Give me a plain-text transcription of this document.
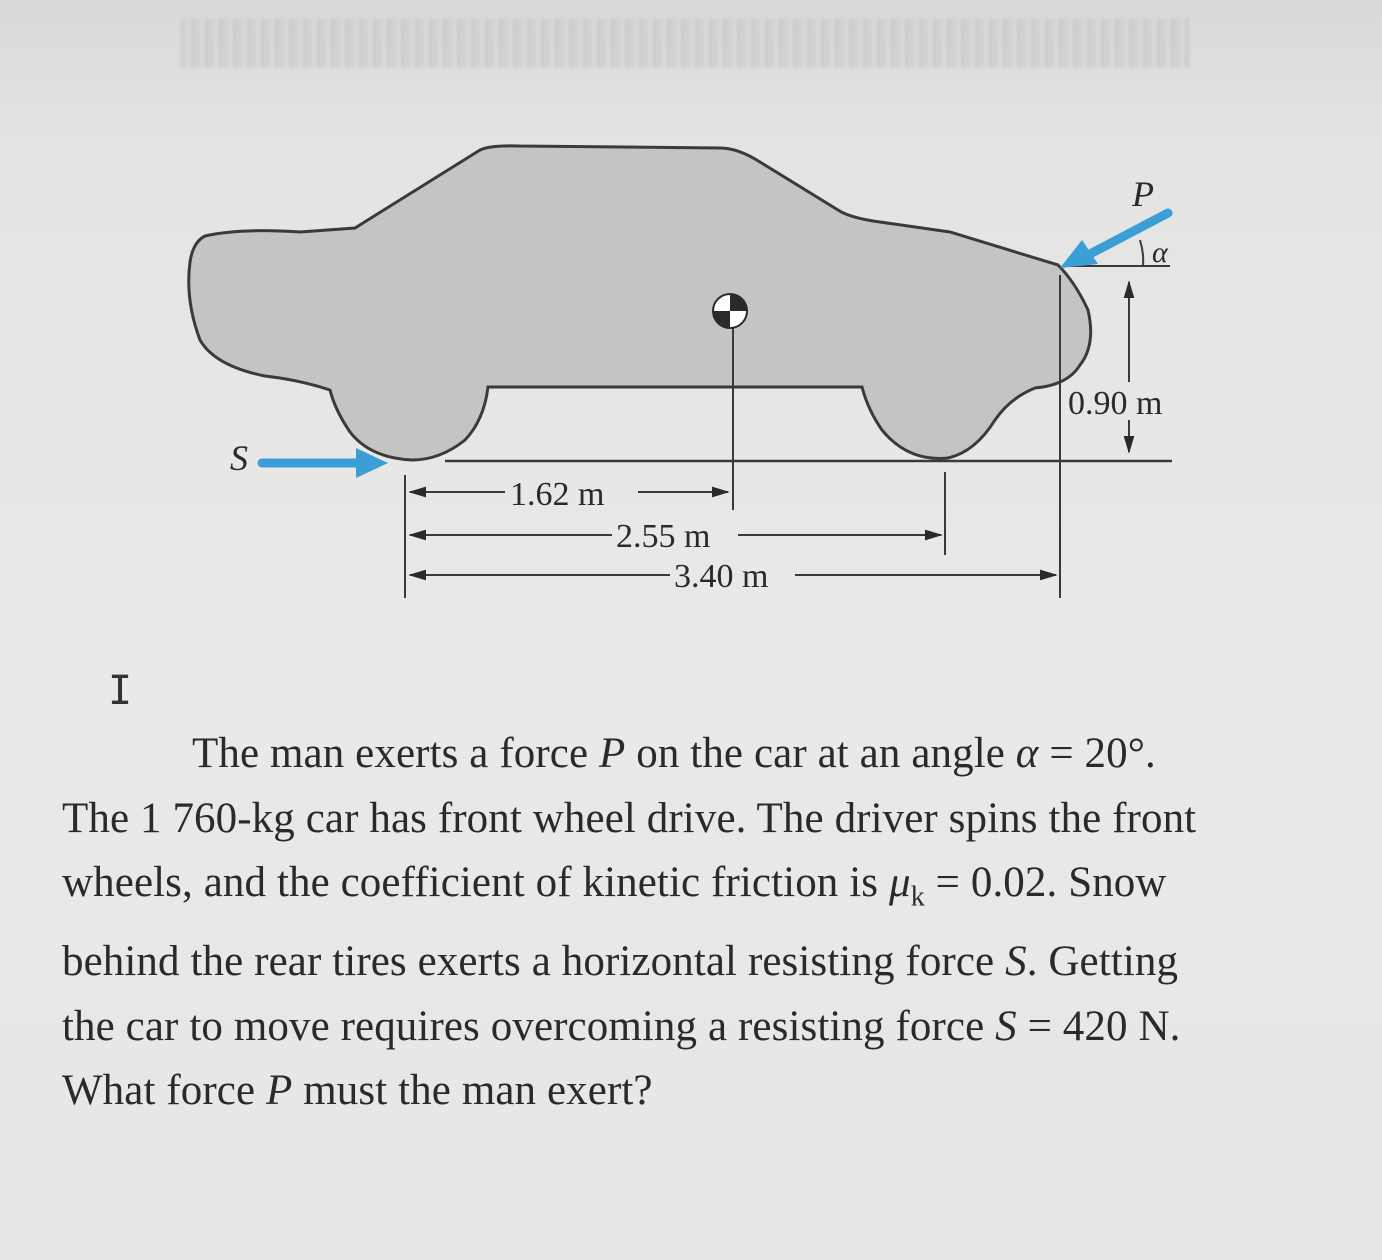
P
α
S
0.90 m
1.62 m
2.55 m
3.40 m
I
The man exerts a force P on the car at an angle α = 20°.
The 1 760-kg car has front wheel drive. The driver spins the front
wheels, and the coefficient of kinetic friction is $\mu_k = 0.02$. Snow
behind the rear tires exerts a horizontal resisting force S. Getting
the car to move requires overcoming a resisting force S = 420 N.
What force P must the man exert?
